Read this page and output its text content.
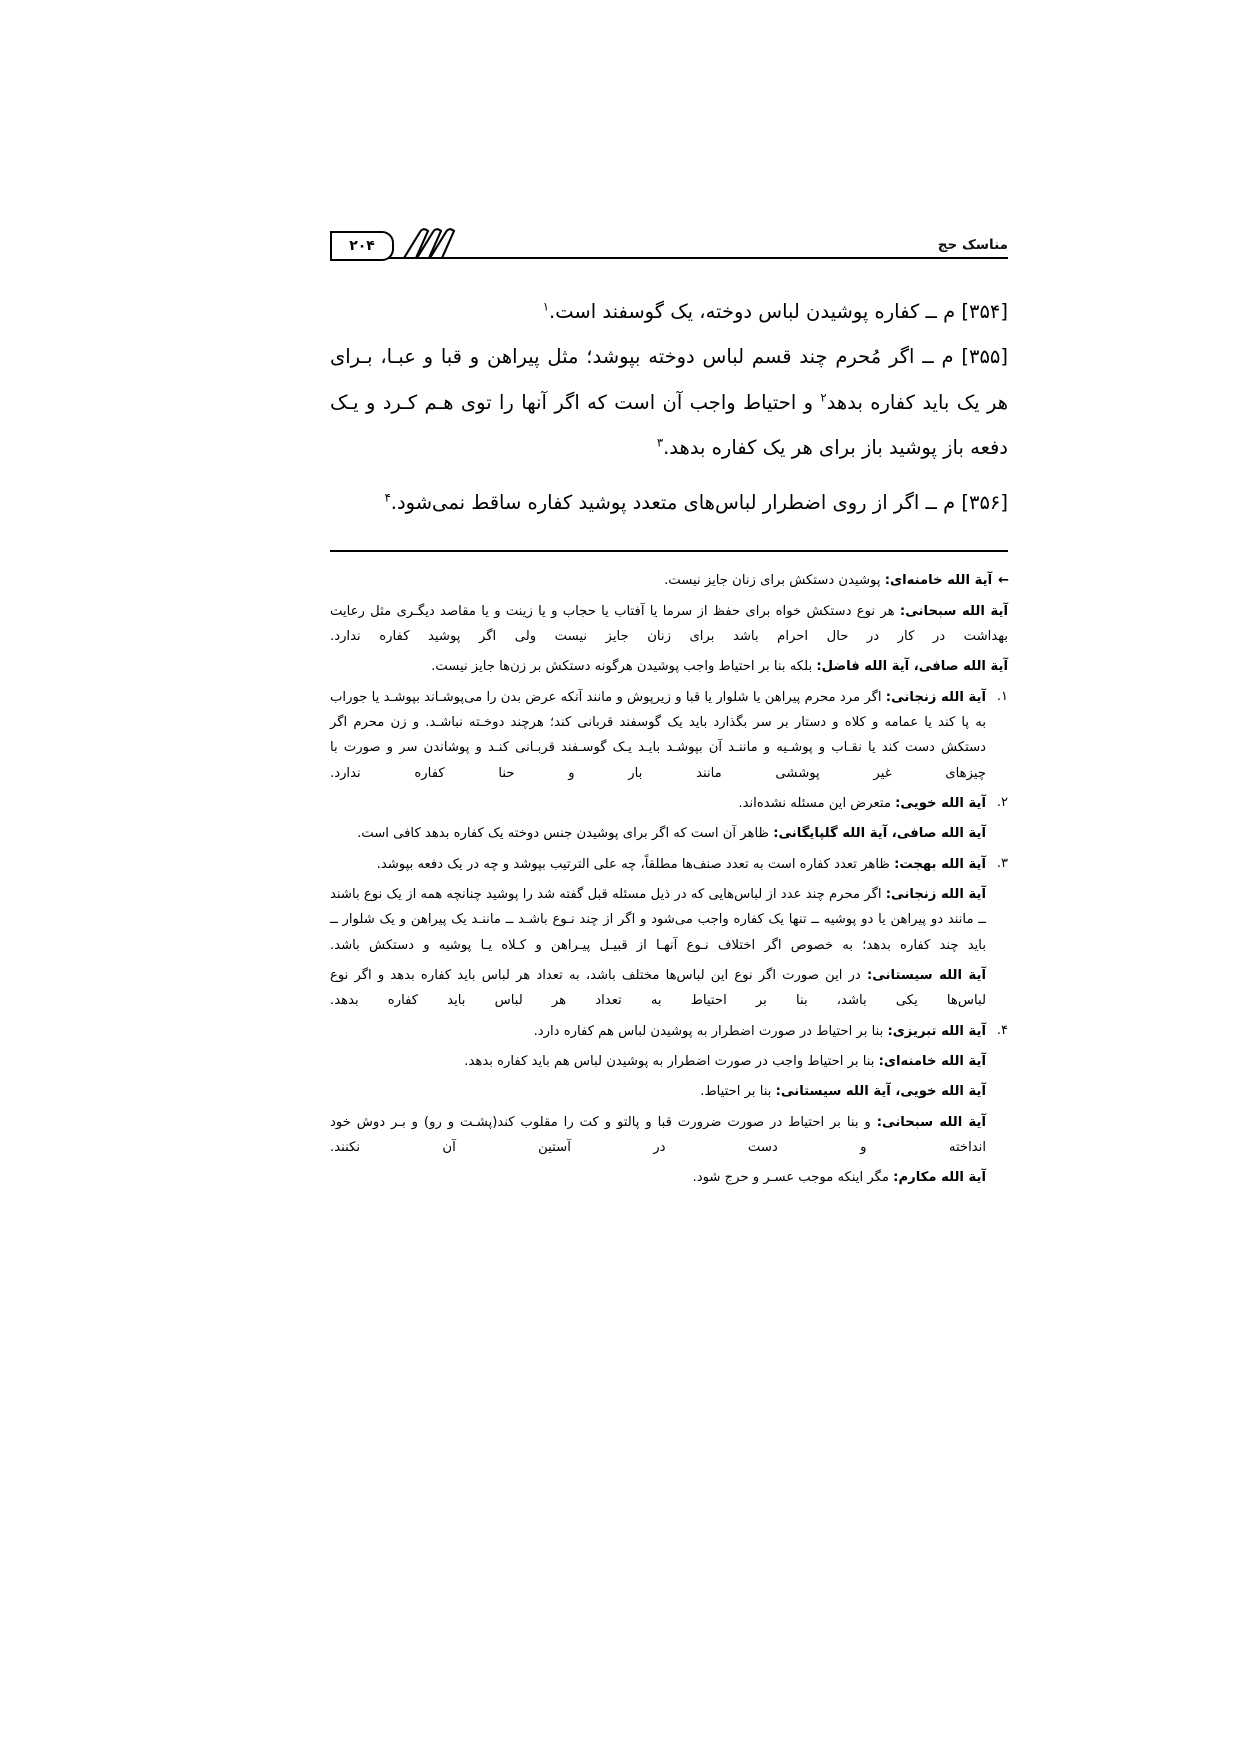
مناسک حج
۲۰۴

[۳۵۴] م ــ کفاره پوشیدن لباس دوخته، یک گوسفند است.$^۱$

[۳۵۵] م ــ اگر مُحرم چند قسم لباس دوخته بپوشد؛ مثل پیراهن و قبا و عبـا، بـرای

هر یک باید کفاره بدهد$^۲$ و احتیاط واجب آن است که اگر آنها را توی هـم کـرد و یـک

دفعه باز پوشید باز برای هر یک کفاره بدهد.$^۳$

[۳۵۶] م ــ اگر از روی اضطرار لباس‌های متعدد پوشید کفاره ساقط نمی‌شود.$^۴$

←آیة الله خامنه‌ای: پوشیدن دستکش برای زنان جایز نیست.

آیة الله سبحانی: هر نوع دستکش خواه برای حفظ از سرما یا آفتاب یا حجاب و یا زینت و یا مقاصد دیگـری مثل رعایت بهداشت در کار در حال احرام باشد برای زنان جایز نیست ولی اگر پوشید کفاره ندارد.

آیة الله صافی، آیة الله فاضل: بلکه بنا بر احتیاط واجب پوشیدن هرگونه دستکش بر زن‌ها جایز نیست.

۱.
آیة الله زنجانی: اگر مرد محرم پیراهن یا شلوار یا قبا و زیرپوش و مانند آنکه عرض بدن را می‌پوشـاند بپوشـد یا جوراب به پا کند یا عمامه و کلاه و دستار بر سر بگذارد باید یک گوسفند قربانی کند؛ هرچند دوخـته نباشـد. و زن محرم اگر دستکش دست کند یا نقـاب و پوشـیه و ماننـد آن بپوشـد بایـد یـک گوسـفند قربـانی کنـد و پوشاندن سر و صورت با چیزهای غیر پوششی مانند بار و حنا کفاره ندارد.

۲.
آیة الله خویی: متعرض این مسئله نشده‌اند.

آیة الله صافی، آیة الله گلپایگانی: ظاهر آن است که اگر برای پوشیدن جنس دوخته یک کفاره بدهد کافی است.

۳.
آیة الله بهجت: ظاهر تعدد کفاره است به تعدد صنف‌ها مطلقاً، چه علی الترتیب بپوشد و چه در یک دفعه بپوشد.

آیة الله زنجانی: اگر محرم چند عدد از لباس‌هایی که در ذیل مسئله قبل گفته شد را پوشید چنانچه همه از یک نوع باشند ــ مانند دو پیراهن یا دو پوشیه ــ تنها یک کفاره واجب می‌شود و اگر از چند نـوع باشـد ــ ماننـد یک پیراهن و یک شلوار ــ باید چند کفاره بدهد؛ به خصوص اگر اختلاف نـوع آنهـا از قبیـل پیـراهن و کـلاه یـا پوشیه و دستکش باشد.

آیة الله سیستانی: در این صورت اگر نوع این لباس‌ها مختلف باشد، به تعداد هر لباس باید کفاره بدهد و اگر نوع لباس‌ها یکی باشد، بنا بر احتیاط به تعداد هر لباس باید کفاره بدهد.

۴.
آیة الله تبریزی: بنا بر احتیاط در صورت اضطرار به پوشیدن لباس هم کفاره دارد.

آیة الله خامنه‌ای: بنا بر احتیاط واجب در صورت اضطرار به پوشیدن لباس هم باید کفاره بدهد.

آیة الله خویی، آیة الله سیستانی: بنا بر احتیاط.

آیة الله سبحانی: و بنا بر احتیاط در صورت ضرورت قبا و پالتو و کت را مقلوب کند(پشـت و رو) و بـر دوش خود انداخته و دست در آستین آن نکنند.

آیة الله مکارم: مگر اینکه موجب عسـر و حرج شود.
